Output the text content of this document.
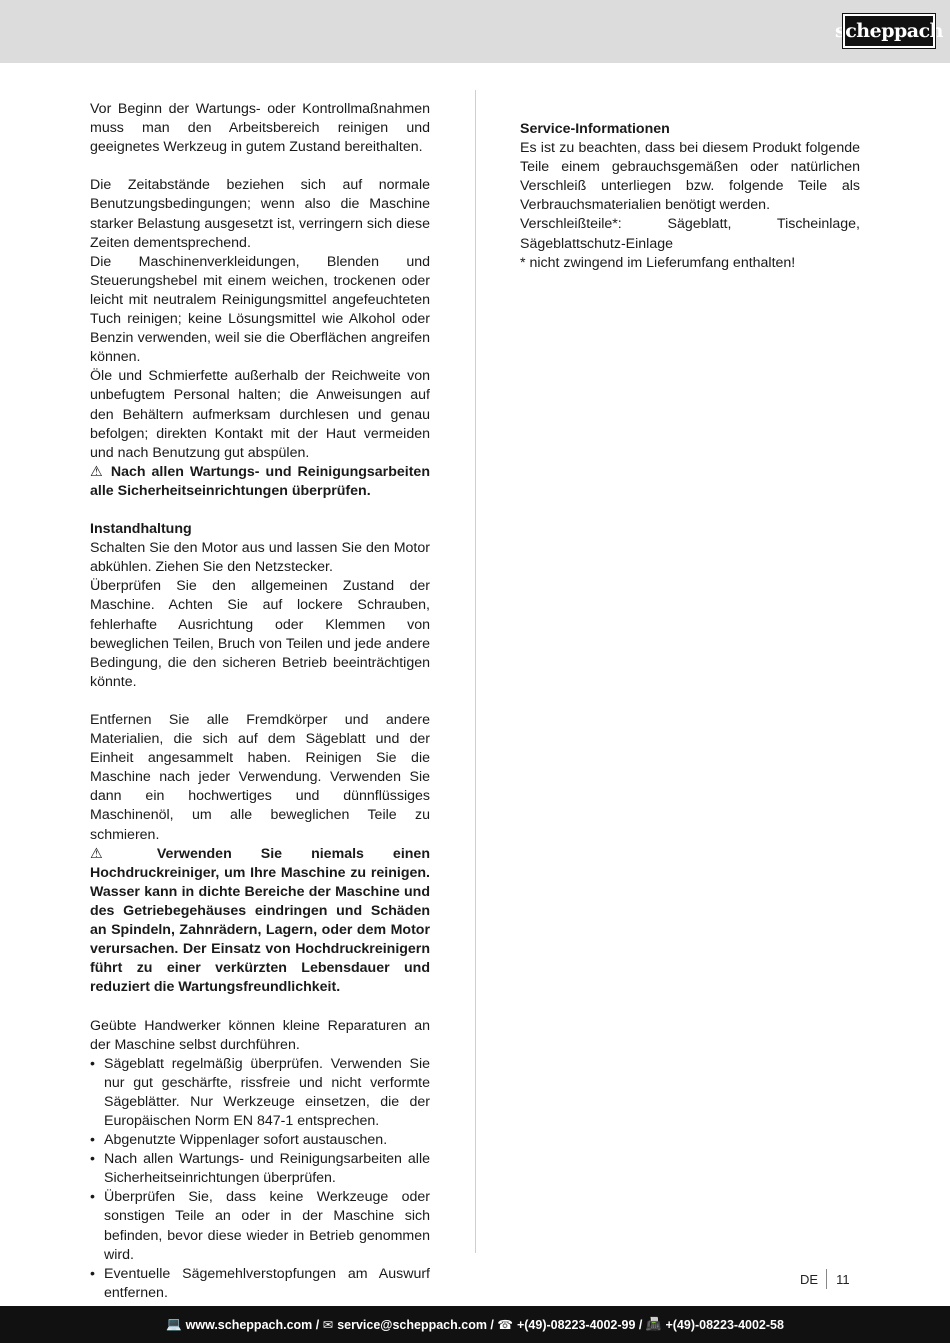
scheppach

Vor Beginn der Wartungs- oder Kontrollmaßnahmen muss man den Arbeitsbereich reinigen und geeignetes Werkzeug in gutem Zustand bereithalten.

Die Zeitabstände beziehen sich auf normale Benutzungsbedingungen; wenn also die Maschine starker Belastung ausgesetzt ist, verringern sich diese Zeiten dementsprechend.

Die Maschinenverkleidungen, Blenden und Steuerungshebel mit einem weichen, trockenen oder leicht mit neutralem Reinigungsmittel angefeuchteten Tuch reinigen; keine Lösungsmittel wie Alkohol oder Benzin verwenden, weil sie die Oberflächen angreifen können.

Öle und Schmierfette außerhalb der Reichweite von unbefugtem Personal halten; die Anweisungen auf den Behältern aufmerksam durchlesen und genau befolgen; direkten Kontakt mit der Haut vermeiden und nach Benutzung gut abspülen.

⚠ Nach allen Wartungs- und Reinigungsarbeiten alle Sicherheitseinrichtungen überprüfen.

Instandhaltung

Schalten Sie den Motor aus und lassen Sie den Motor abkühlen. Ziehen Sie den Netzstecker.

Überprüfen Sie den allgemeinen Zustand der Maschine. Achten Sie auf lockere Schrauben, fehlerhafte Ausrichtung oder Klemmen von beweglichen Teilen, Bruch von Teilen und jede andere Bedingung, die den sicheren Betrieb beeinträchtigen könnte.

Entfernen Sie alle Fremdkörper und andere Materialien, die sich auf dem Sägeblatt und der Einheit angesammelt haben. Reinigen Sie die Maschine nach jeder Verwendung. Verwenden Sie dann ein hochwertiges und dünnflüssiges Maschinenöl, um alle beweglichen Teile zu schmieren.

⚠ Verwenden Sie niemals einen Hochdruckreiniger, um Ihre Maschine zu reinigen. Wasser kann in dichte Bereiche der Maschine und des Getriebegehäuses eindringen und Schäden an Spindeln, Zahnrädern, Lagern, oder dem Motor verursachen. Der Einsatz von Hochdruckreinigern führt zu einer verkürzten Lebensdauer und reduziert die Wartungsfreundlichkeit.

Geübte Handwerker können kleine Reparaturen an der Maschine selbst durchführen.

• Sägeblatt regelmäßig überprüfen. Verwenden Sie nur gut geschärfte, rissfreie und nicht verformte Sägeblätter. Nur Werkzeuge einsetzen, die der Europäischen Norm EN 847-1 entsprechen.
• Abgenutzte Wippenlager sofort austauschen.
• Nach allen Wartungs- und Reinigungsarbeiten alle Sicherheitseinrichtungen überprüfen.
• Überprüfen Sie, dass keine Werkzeuge oder sonstigen Teile an oder in der Maschine sich befinden, bevor diese wieder in Betrieb genommen wird.
• Eventuelle Sägemehlverstopfungen am Auswurf entfernen.

Service-Informationen

Es ist zu beachten, dass bei diesem Produkt folgende Teile einem gebrauchsgemäßen oder natürlichen Verschleiß unterliegen bzw. folgende Teile als Verbrauchsmaterialien benötigt werden.

Verschleißteile*: Sägeblatt, Tischeinlage, Sägeblattschutz-Einlage

* nicht zwingend im Lieferumfang enthalten!

DE 11
💻 www.scheppach.com / ✉ service@scheppach.com / ☎ +(49)-08223-4002-99 / 📠 +(49)-08223-4002-58
